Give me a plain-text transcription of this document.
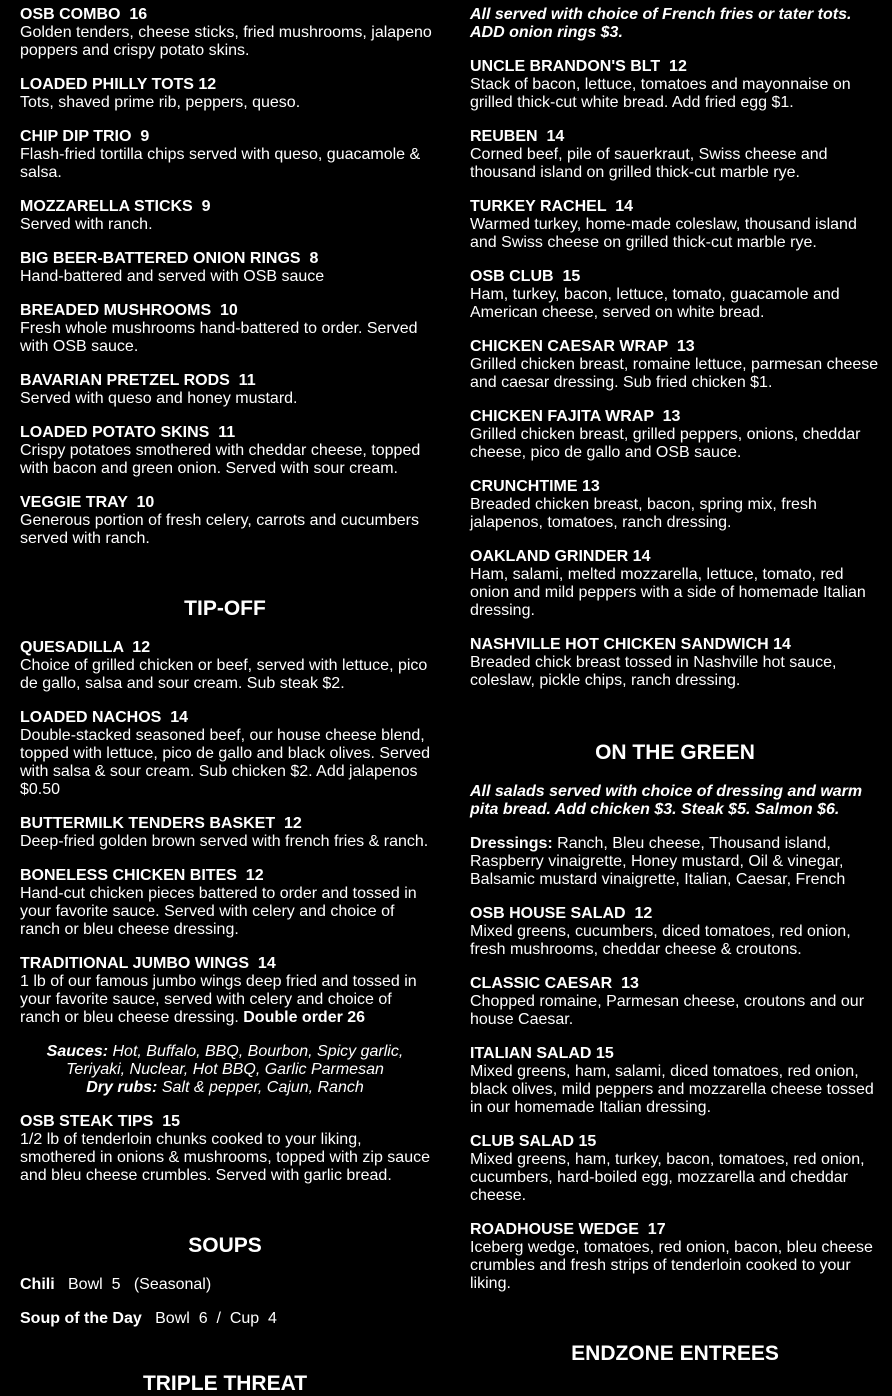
OSB COMBO  16
Golden tenders, cheese sticks, fried mushrooms, jalapeno poppers and crispy potato skins.
LOADED PHILLY TOTS 12
Tots, shaved prime rib, peppers, queso.
CHIP DIP TRIO  9
Flash-fried tortilla chips served with queso, guacamole & salsa.
MOZZARELLA STICKS  9
Served with ranch.
BIG BEER-BATTERED ONION RINGS  8
Hand-battered and served with OSB sauce
BREADED MUSHROOMS  10
Fresh whole mushrooms hand-battered to order. Served with OSB sauce.
BAVARIAN PRETZEL RODS  11
Served with queso and honey mustard.
LOADED POTATO SKINS  11
Crispy potatoes smothered with cheddar cheese, topped with bacon and green onion. Served with sour cream.
VEGGIE TRAY  10
Generous portion of fresh celery, carrots and cucumbers served with ranch.
TIP-OFF
QUESADILLA  12
Choice of grilled chicken or beef, served with lettuce, pico de gallo, salsa and sour cream. Sub steak $2.
LOADED NACHOS  14
Double-stacked seasoned beef, our house cheese blend, topped with lettuce, pico de gallo and black olives. Served with salsa & sour cream. Sub chicken $2. Add jalapenos $0.50
BUTTERMILK TENDERS BASKET  12
Deep-fried golden brown served with french fries & ranch.
BONELESS CHICKEN BITES  12
Hand-cut chicken pieces battered to order and tossed in your favorite sauce. Served with celery and choice of ranch or bleu cheese dressing.
TRADITIONAL JUMBO WINGS  14
1 lb of our famous jumbo wings deep fried and tossed in your favorite sauce, served with celery and choice of ranch or bleu cheese dressing. Double order 26
Sauces: Hot, Buffalo, BBQ, Bourbon, Spicy garlic,
Teriyaki, Nuclear, Hot BBQ, Garlic Parmesan
Dry rubs: Salt & pepper, Cajun, Ranch
OSB STEAK TIPS  15
1/2 lb of tenderloin chunks cooked to your liking, smothered in onions & mushrooms, topped with zip sauce and bleu cheese crumbles. Served with garlic bread.
SOUPS
Chili   Bowl  5   (Seasonal)
Soup of the Day   Bowl  6  /  Cup  4
TRIPLE THREAT
All served with choice of French fries or tater tots. ADD onion rings $3.
UNCLE BRANDON'S BLT  12
Stack of bacon, lettuce, tomatoes and mayonnaise on grilled thick-cut white bread. Add fried egg $1.
REUBEN  14
Corned beef, pile of sauerkraut, Swiss cheese and thousand island on grilled thick-cut marble rye.
TURKEY RACHEL  14
Warmed turkey, home-made coleslaw, thousand island and Swiss cheese on grilled thick-cut marble rye.
OSB CLUB  15
Ham, turkey, bacon, lettuce, tomato, guacamole and American cheese, served on white bread.
CHICKEN CAESAR WRAP  13
Grilled chicken breast, romaine lettuce, parmesan cheese and caesar dressing. Sub fried chicken $1.
CHICKEN FAJITA WRAP  13
Grilled chicken breast, grilled peppers, onions, cheddar cheese, pico de gallo and OSB sauce.
CRUNCHTIME 13
Breaded chicken breast, bacon, spring mix, fresh jalapenos, tomatoes, ranch dressing.
OAKLAND GRINDER 14
Ham, salami, melted mozzarella, lettuce, tomato, red onion and mild peppers with a side of homemade Italian dressing.
NASHVILLE HOT CHICKEN SANDWICH 14
Breaded chick breast tossed in Nashville hot sauce, coleslaw, pickle chips, ranch dressing.
ON THE GREEN
All salads served with choice of dressing and warm pita bread. Add chicken $3. Steak $5. Salmon $6.
Dressings: Ranch, Bleu cheese, Thousand island, Raspberry vinaigrette, Honey mustard, Oil & vinegar, Balsamic mustard vinaigrette, Italian, Caesar, French
OSB HOUSE SALAD  12
Mixed greens, cucumbers, diced tomatoes, red onion, fresh mushrooms, cheddar cheese & croutons.
CLASSIC CAESAR  13
Chopped romaine, Parmesan cheese, croutons and our house Caesar.
ITALIAN SALAD 15
Mixed greens, ham, salami, diced tomatoes, red onion, black olives, mild peppers and mozzarella cheese tossed in our homemade Italian dressing.
CLUB SALAD 15
Mixed greens, ham, turkey, bacon, tomatoes, red onion, cucumbers, hard-boiled egg, mozzarella and cheddar cheese.
ROADHOUSE WEDGE  17
Iceberg wedge, tomatoes, red onion, bacon, bleu cheese crumbles and fresh strips of tenderloin cooked to your liking.
ENDZONE ENTREES
